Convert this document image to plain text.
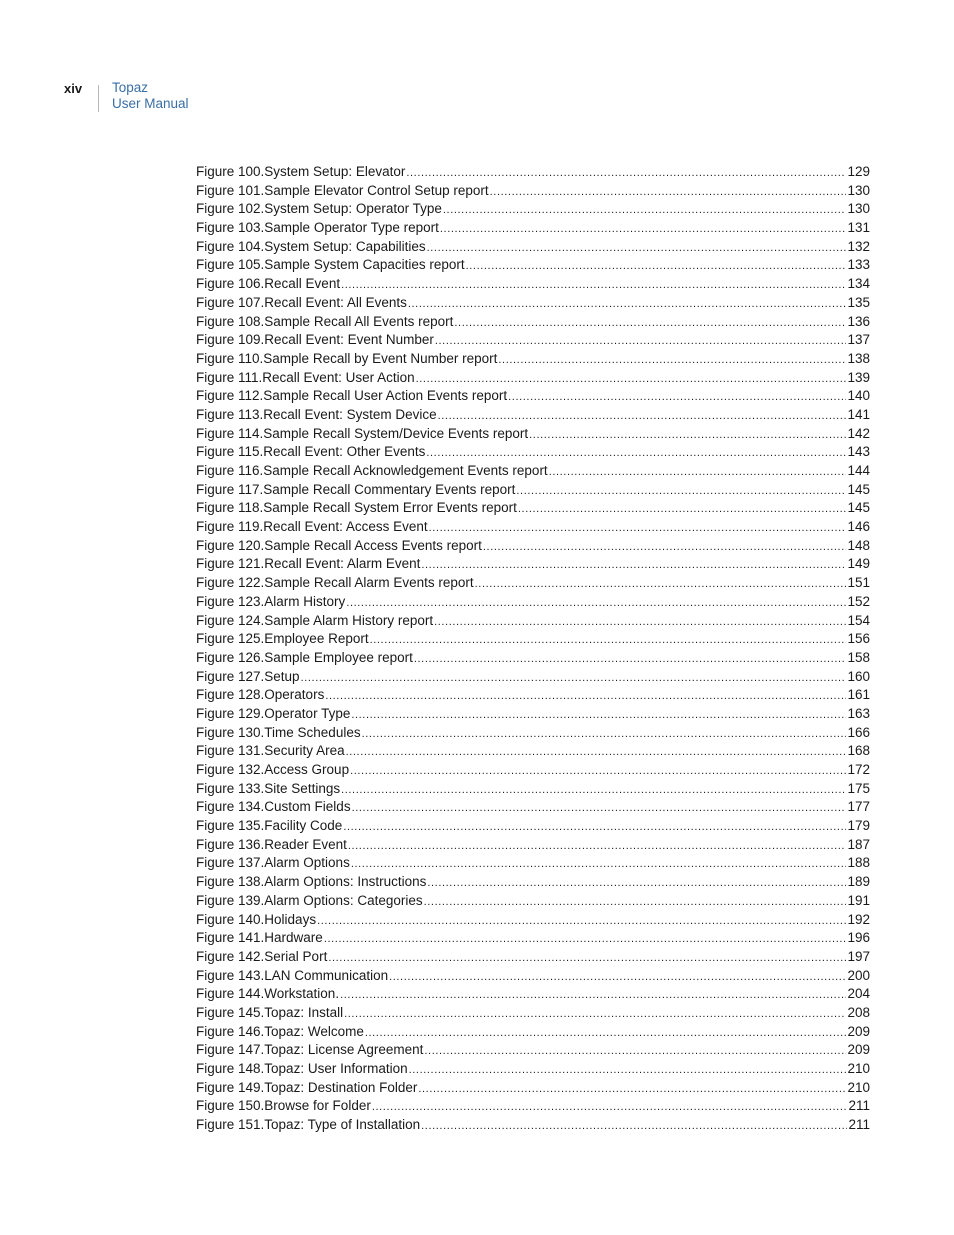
xiv Topaz
User Manual
Figure 100.System Setup: Elevator .....	129
Figure 101.Sample Elevator Control Setup report .....	130
Figure 102.System Setup: Operator Type .....	130
Figure 103.Sample Operator Type report .....	131
Figure 104.System Setup: Capabilities .....	132
Figure 105.Sample System Capacities report .....	133
Figure 106.Recall Event .....	134
Figure 107.Recall Event: All Events .....	135
Figure 108.Sample Recall All Events report .....	136
Figure 109.Recall Event: Event Number .....	137
Figure 110.Sample Recall by Event Number report .....	138
Figure 111.Recall Event: User Action .....	139
Figure 112.Sample Recall User Action Events report .....	140
Figure 113.Recall Event: System Device .....	141
Figure 114.Sample Recall System/Device Events report .....	142
Figure 115.Recall Event: Other Events .....	143
Figure 116.Sample Recall Acknowledgement Events report .....	144
Figure 117.Sample Recall Commentary Events report .....	145
Figure 118.Sample Recall System Error Events report .....	145
Figure 119.Recall Event: Access Event .....	146
Figure 120.Sample Recall Access Events report .....	148
Figure 121.Recall Event: Alarm Event .....	149
Figure 122.Sample Recall Alarm Events report .....	151
Figure 123.Alarm History .....	152
Figure 124.Sample Alarm History report .....	154
Figure 125.Employee Report .....	156
Figure 126.Sample Employee report .....	158
Figure 127.Setup .....	160
Figure 128.Operators .....	161
Figure 129.Operator Type .....	163
Figure 130.Time Schedules .....	166
Figure 131.Security Area .....	168
Figure 132.Access Group .....	172
Figure 133.Site Settings .....	175
Figure 134.Custom Fields .....	177
Figure 135.Facility Code .....	179
Figure 136.Reader Event .....	187
Figure 137.Alarm Options .....	188
Figure 138.Alarm Options: Instructions .....	189
Figure 139.Alarm Options: Categories .....	191
Figure 140.Holidays .....	192
Figure 141.Hardware .....	196
Figure 142.Serial Port .....	197
Figure 143.LAN Communication .....	200
Figure 144.Workstation. .....	204
Figure 145.Topaz: Install .....	208
Figure 146.Topaz: Welcome .....	209
Figure 147.Topaz: License Agreement .....	209
Figure 148.Topaz: User Information .....	210
Figure 149.Topaz: Destination Folder .....	210
Figure 150.Browse for Folder .....	211
Figure 151.Topaz: Type of Installation .....	211
